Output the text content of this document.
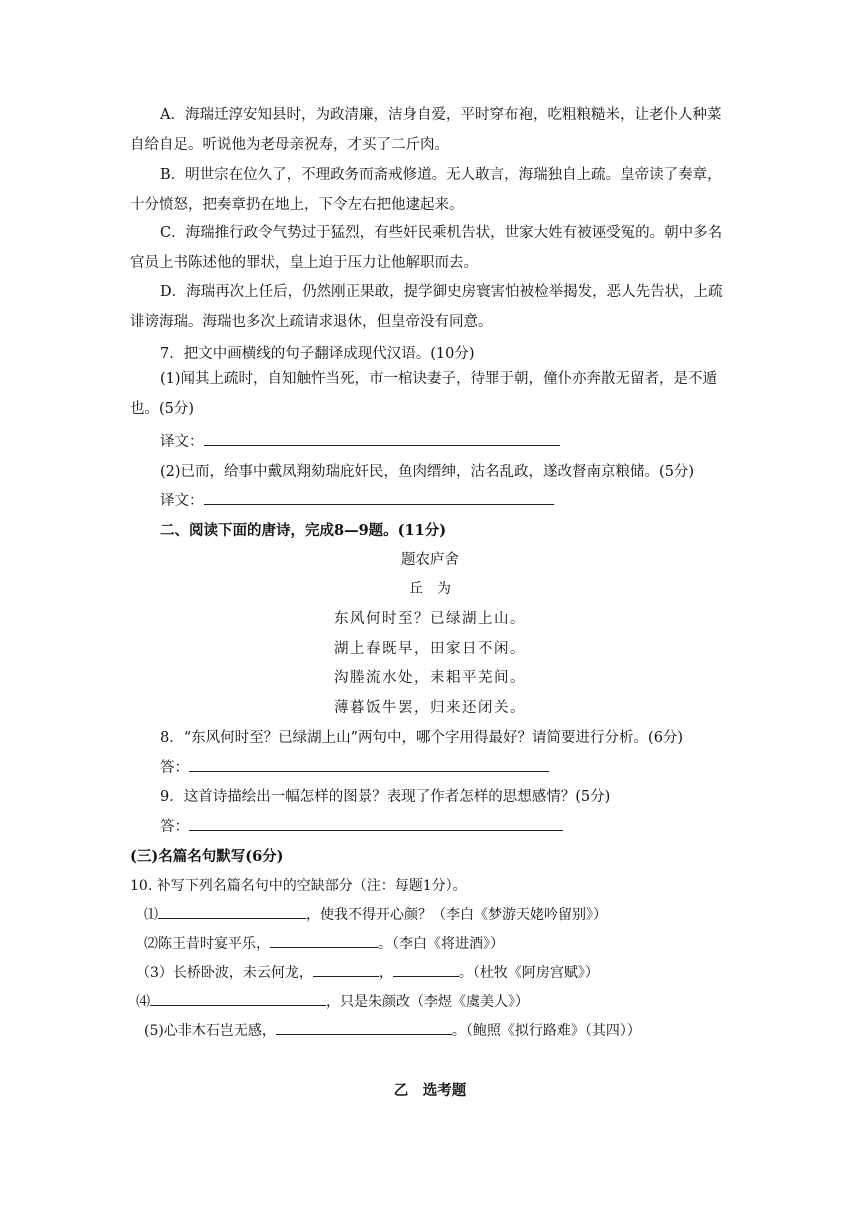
A．海瑞迁淳安知县时，为政清廉，洁身自爱，平时穿布袍，吃粗粮糙米，让老仆人种菜自给自足。听说他为老母亲祝寿，才买了二斤肉。

B．明世宗在位久了，不理政务而斋戒修道。无人敢言，海瑞独自上疏。皇帝读了奏章，十分愤怒，把奏章扔在地上，下令左右把他逮起来。

C．海瑞推行政令气势过于猛烈，有些奸民乘机告状，世家大姓有被诬受冤的。朝中多名官员上书陈述他的罪状，皇上迫于压力让他解职而去。

D．海瑞再次上任后，仍然刚正果敢，提学御史房寰害怕被检举揭发，恶人先告状，上疏诽谤海瑞。海瑞也多次上疏请求退休，但皇帝没有同意。

7．把文中画横线的句子翻译成现代汉语。(10分)

(1)闻其上疏时，自知触忤当死，市一棺诀妻子，待罪于朝，僮仆亦奔散无留者，是不遁也。(5分)

译文：

(2)已而，给事中戴凤翔劾瑞庇奸民，鱼肉缙绅，沽名乱政，遂改督南京粮储。(5分)

译文：

二、阅读下面的唐诗，完成8—9题。(11分)

题农庐舍

丘　为

东风何时至？已绿湖上山。

湖上春既早，田家日不闲。

沟塍流水处，耒耜平芜间。

薄暮饭牛罢，归来还闭关。

8．“东风何时至？已绿湖上山”两句中，哪个字用得最好？请简要进行分析。(6分)

答：

9．这首诗描绘出一幅怎样的图景？表现了作者怎样的思想感情？(5分)

答：

(三)名篇名句默写(6分)

10. 补写下列名篇名句中的空缺部分（注：每题1分）。

⑴	，使我不得开心颜？（李白《梦游天姥吟留别》）

⑵陈王昔时宴平乐，	。（李白《将进酒》）

（3）长桥卧波，未云何龙，	，	。（杜牧《阿房宫赋》）

⑷	，只是朱颜改（李煜《虞美人》）

(5)心非木石岂无感，	。（鲍照《拟行路难》（其四））

乙　选考题
